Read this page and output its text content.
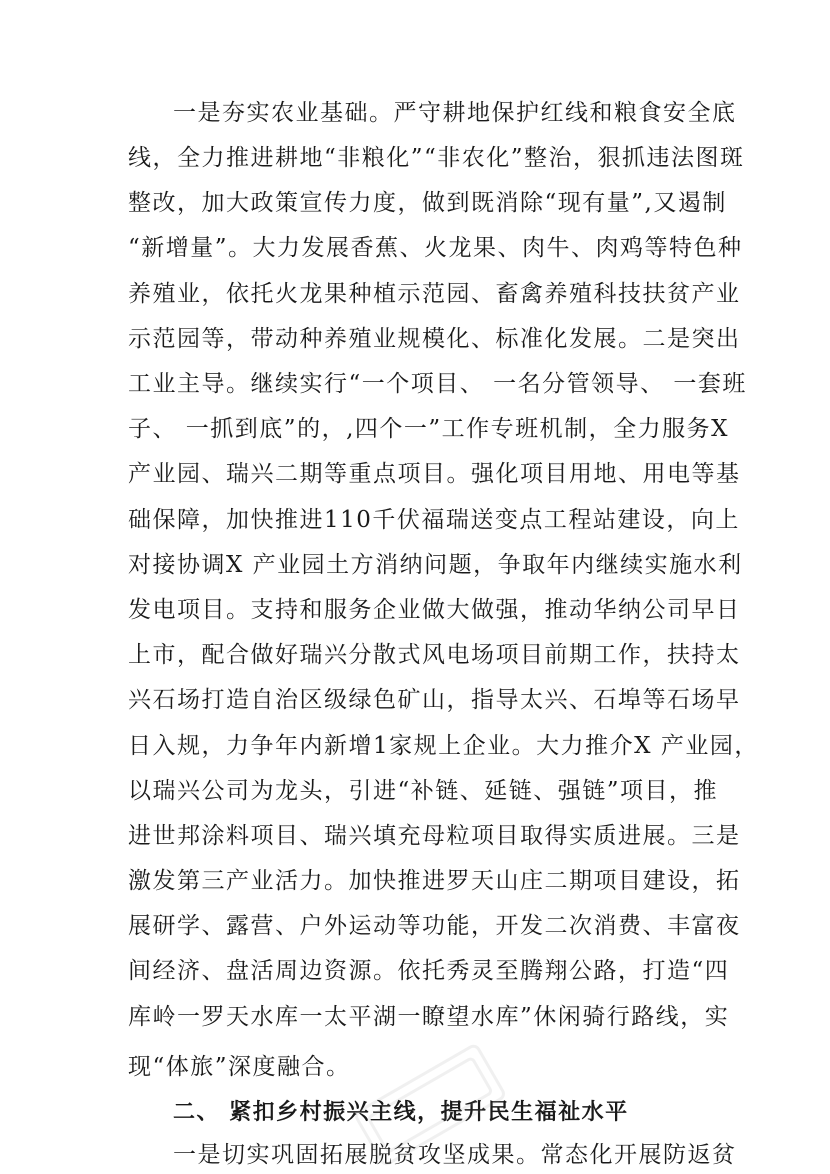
一是夯实农业基础。严守耕地保护红线和粮食安全底
线，全力推进耕地“非粮化”“非农化”整治，狠抓违法图斑
整改，加大政策宣传力度，做到既消除“现有量”,又遏制
“新增量”。大力发展香蕉、火龙果、肉牛、肉鸡等特色种
养殖业，依托火龙果种植示范园、畜禽养殖科技扶贫产业
示范园等，带动种养殖业规模化、标准化发展。二是突出
工业主导。继续实行“一个项目、 一名分管领导、 一套班
子、 一抓到底”的，,四个一”工作专班机制，全力服务X
产业园、瑞兴二期等重点项目。强化项目用地、用电等基
础保障，加快推进110千伏福瑞送变点工程站建设，向上
对接协调X 产业园土方消纳问题，争取年内继续实施水利
发电项目。支持和服务企业做大做强，推动华纳公司早日
上市，配合做好瑞兴分散式风电场项目前期工作，扶持太
兴石场打造自治区级绿色矿山，指导太兴、石埠等石场早
日入规，力争年内新增1家规上企业。大力推介X 产业园，
以瑞兴公司为龙头，引进“补链、延链、强链”项目，推
进世邦涂料项目、瑞兴填充母粒项目取得实质进展。三是
激发第三产业活力。加快推进罗天山庄二期项目建设，拓
展研学、露营、户外运动等功能，开发二次消费、丰富夜
间经济、盘活周边资源。依托秀灵至腾翔公路，打造“四
库岭一罗天水库一太平湖一瞭望水库”休闲骑行路线，实
现“体旅”深度融合。
二、 紧扣乡村振兴主线，提升民生福祉水平
一是切实巩固拓展脱贫攻坚成果。常态化开展防返贫
